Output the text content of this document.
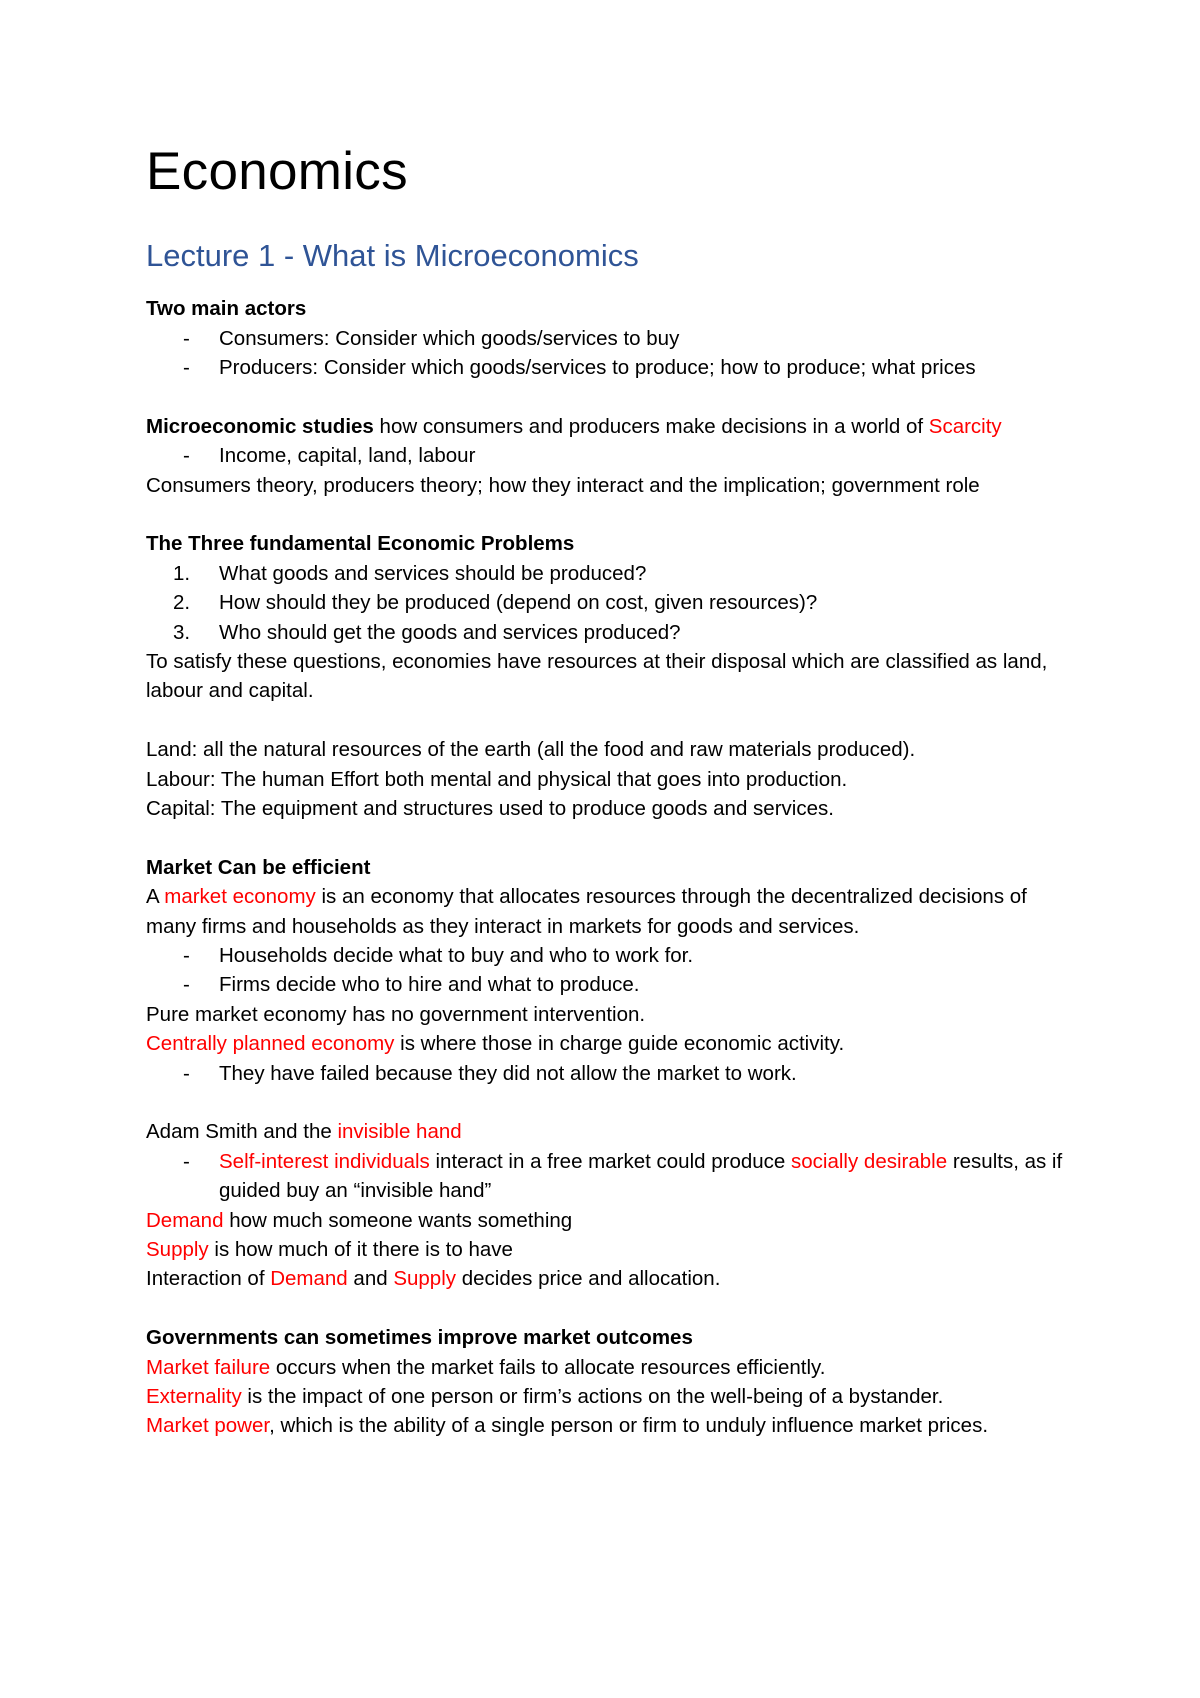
Economics
Lecture 1 - What is Microeconomics
Two main actors
- Consumers: Consider which goods/services to buy
- Producers: Consider which goods/services to produce; how to produce; what prices
Microeconomic studies how consumers and producers make decisions in a world of Scarcity
- Income, capital, land, labour
Consumers theory, producers theory; how they interact and the implication; government role
The Three fundamental Economic Problems
1. What goods and services should be produced?
2. How should they be produced (depend on cost, given resources)?
3. Who should get the goods and services produced?
To satisfy these questions, economies have resources at their disposal which are classified as land, labour and capital.
Land: all the natural resources of the earth (all the food and raw materials produced).
Labour: The human Effort both mental and physical that goes into production.
Capital: The equipment and structures used to produce goods and services.
Market Can be efficient
A market economy is an economy that allocates resources through the decentralized decisions of many firms and households as they interact in markets for goods and services.
- Households decide what to buy and who to work for.
- Firms decide who to hire and what to produce.
Pure market economy has no government intervention.
Centrally planned economy is where those in charge guide economic activity.
- They have failed because they did not allow the market to work.
Adam Smith and the invisible hand
- Self-interest individuals interact in a free market could produce socially desirable results, as if guided buy an “invisible hand”
Demand how much someone wants something
Supply is how much of it there is to have
Interaction of Demand and Supply decides price and allocation.
Governments can sometimes improve market outcomes
Market failure occurs when the market fails to allocate resources efficiently.
Externality is the impact of one person or firm’s actions on the well-being of a bystander.
Market power, which is the ability of a single person or firm to unduly influence market prices.
